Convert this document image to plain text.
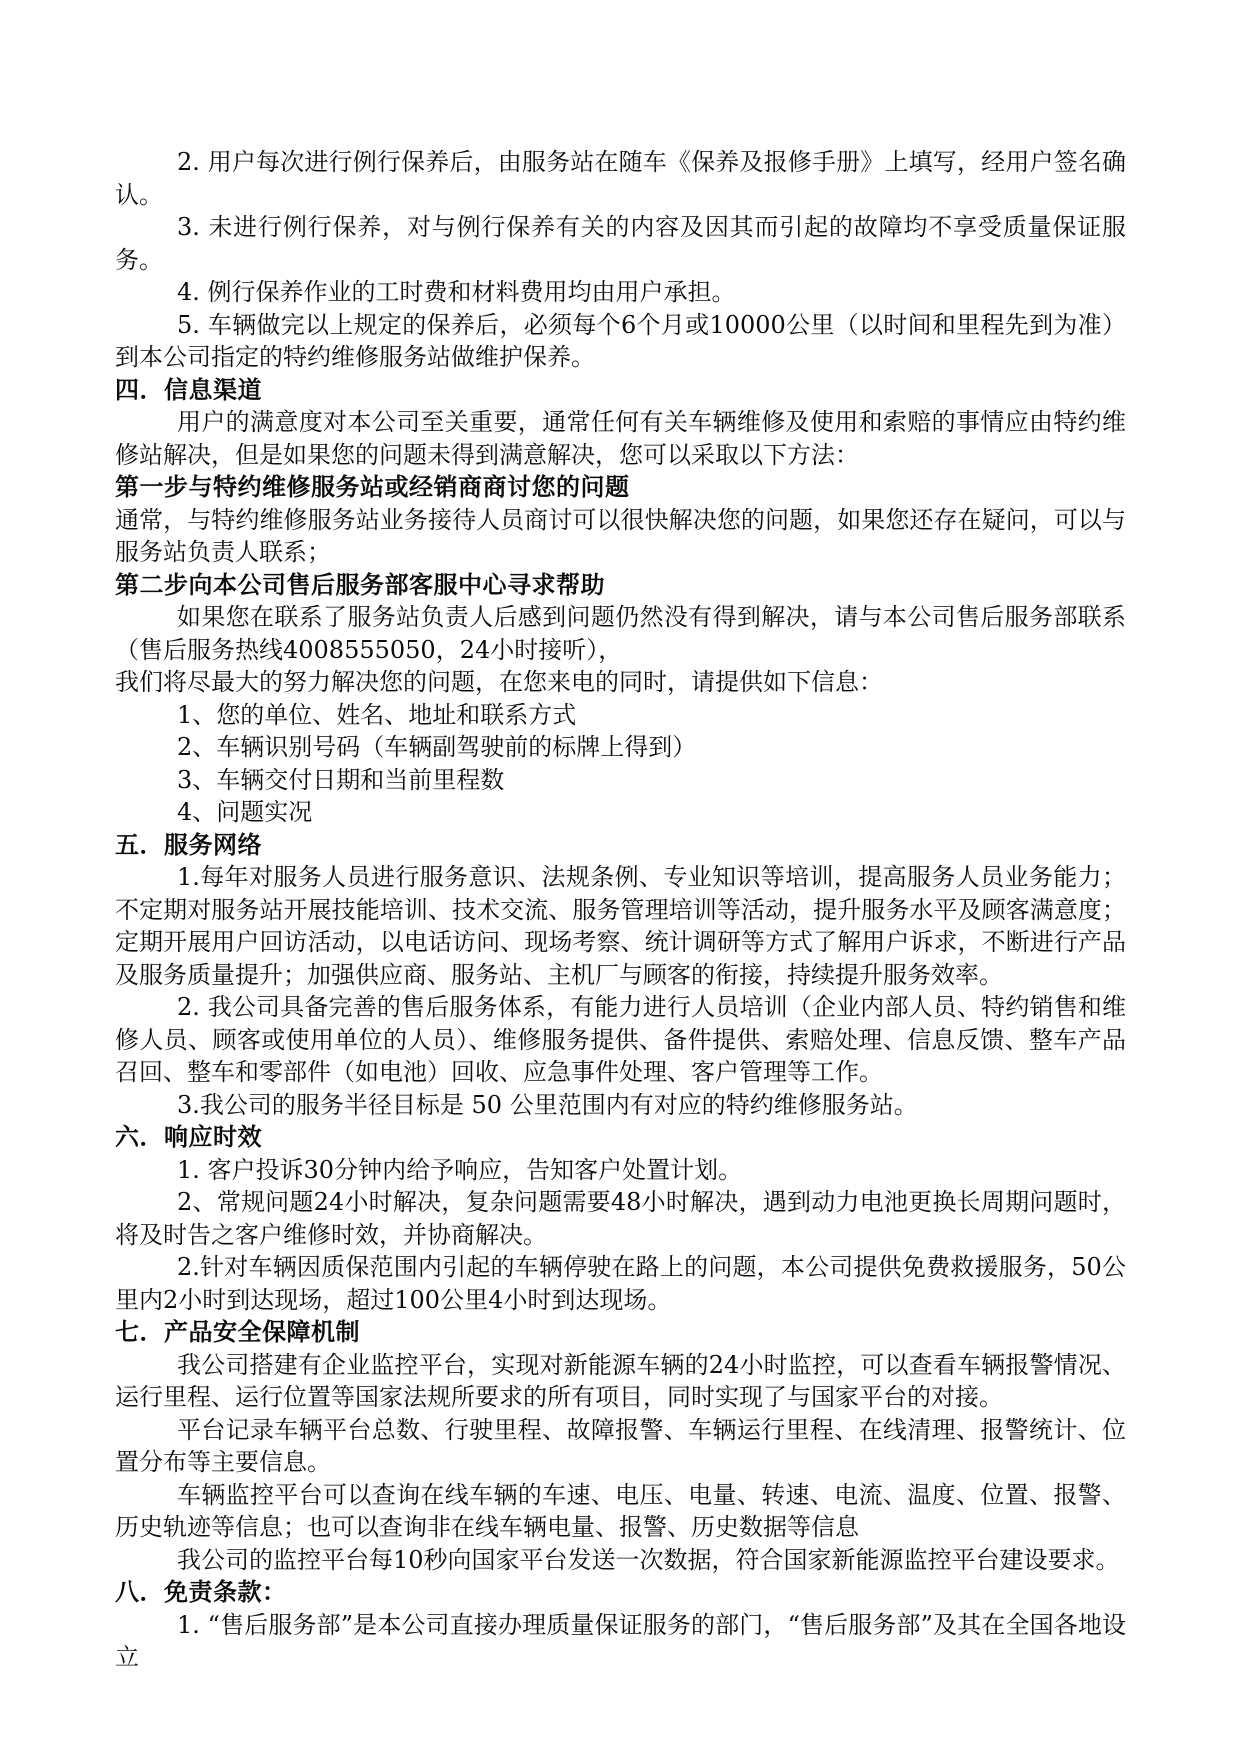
2. 用户每次进行例行保养后，由服务站在随车《保养及报修手册》上填写，经用户签名确认。

3. 未进行例行保养，对与例行保养有关的内容及因其而引起的故障均不享受质量保证服务。

4. 例行保养作业的工时费和材料费用均由用户承担。

5. 车辆做完以上规定的保养后，必须每个6个月或10000公里（以时间和里程先到为准）到本公司指定的特约维修服务站做维护保养。

四．信息渠道

用户的满意度对本公司至关重要，通常任何有关车辆维修及使用和索赔的事情应由特约维修站解决，但是如果您的问题未得到满意解决，您可以采取以下方法：

第一步与特约维修服务站或经销商商讨您的问题

通常，与特约维修服务站业务接待人员商讨可以很快解决您的问题，如果您还存在疑问，可以与服务站负责人联系；

第二步向本公司售后服务部客服中心寻求帮助

如果您在联系了服务站负责人后感到问题仍然没有得到解决，请与本公司售后服务部联系（售后服务热线4008555050，24小时接听），

我们将尽最大的努力解决您的问题，在您来电的同时，请提供如下信息：

1、您的单位、姓名、地址和联系方式

2、车辆识别号码（车辆副驾驶前的标牌上得到）

3、车辆交付日期和当前里程数

4、问题实况

五．服务网络

1.每年对服务人员进行服务意识、法规条例、专业知识等培训，提高服务人员业务能力；不定期对服务站开展技能培训、技术交流、服务管理培训等活动，提升服务水平及顾客满意度；定期开展用户回访活动，以电话访问、现场考察、统计调研等方式了解用户诉求，不断进行产品及服务质量提升；加强供应商、服务站、主机厂与顾客的衔接，持续提升服务效率。

2. 我公司具备完善的售后服务体系，有能力进行人员培训（企业内部人员、特约销售和维修人员、顾客或使用单位的人员）、维修服务提供、备件提供、索赔处理、信息反馈、整车产品召回、整车和零部件（如电池）回收、应急事件处理、客户管理等工作。

3.我公司的服务半径目标是 50 公里范围内有对应的特约维修服务站。

六．响应时效

1. 客户投诉30分钟内给予响应，告知客户处置计划。

2、常规问题24小时解决，复杂问题需要48小时解决，遇到动力电池更换长周期问题时，将及时告之客户维修时效，并协商解决。

2.针对车辆因质保范围内引起的车辆停驶在路上的问题，本公司提供免费救援服务，50公里内2小时到达现场，超过100公里4小时到达现场。

七．产品安全保障机制

我公司搭建有企业监控平台，实现对新能源车辆的24小时监控，可以查看车辆报警情况、运行里程、运行位置等国家法规所要求的所有项目，同时实现了与国家平台的对接。

平台记录车辆平台总数、行驶里程、故障报警、车辆运行里程、在线清理、报警统计、位置分布等主要信息。

车辆监控平台可以查询在线车辆的车速、电压、电量、转速、电流、温度、位置、报警、历史轨迹等信息；也可以查询非在线车辆电量、报警、历史数据等信息

我公司的监控平台每10秒向国家平台发送一次数据，符合国家新能源监控平台建设要求。

八．免责条款：

1. “售后服务部”是本公司直接办理质量保证服务的部门，“售后服务部”及其在全国各地设立
